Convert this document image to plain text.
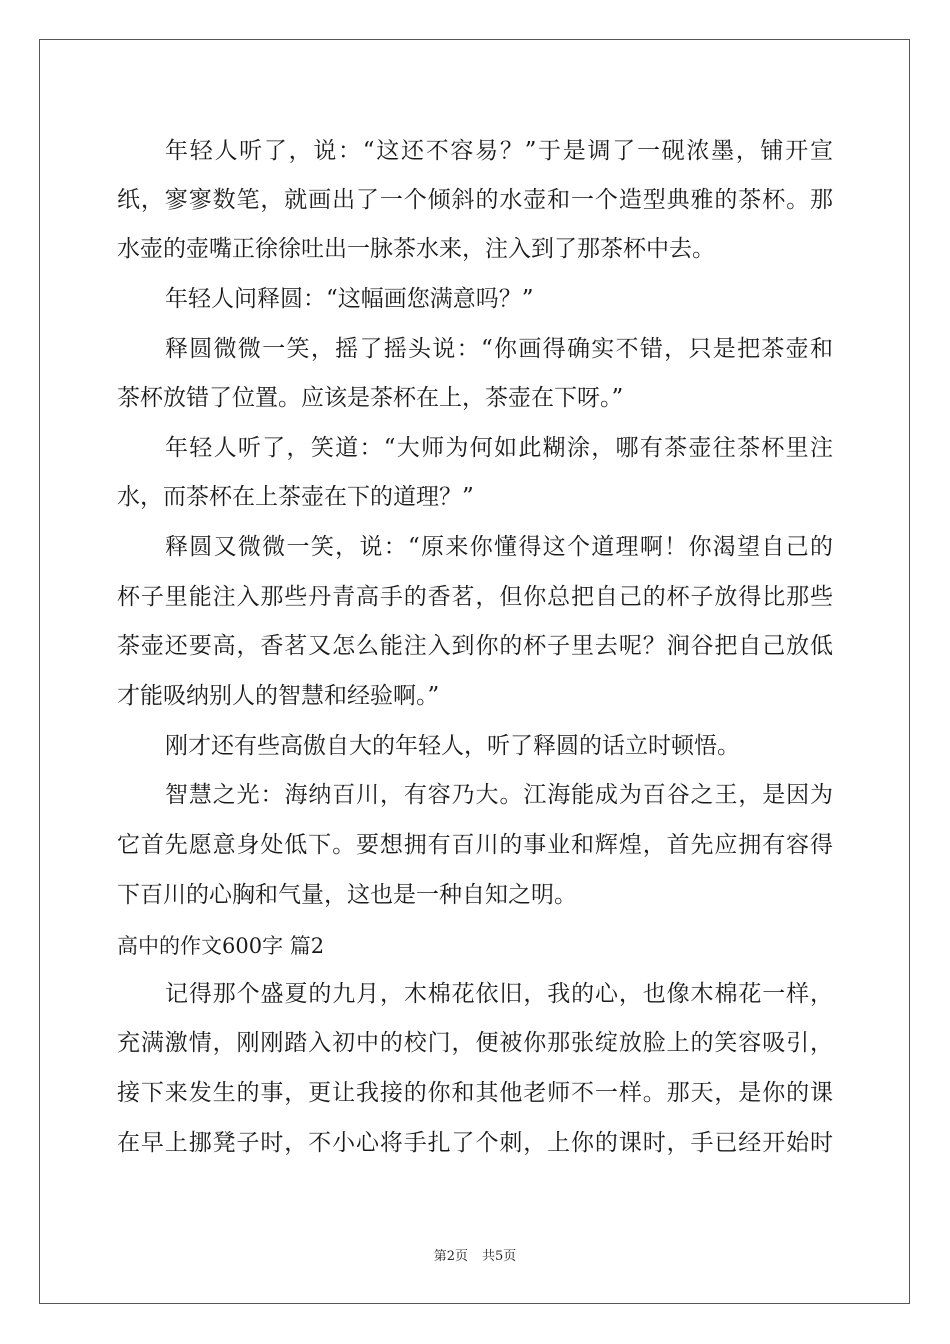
年轻人听了，说：“这还不容易？”于是调了一砚浓墨，铺开宣
纸，寥寥数笔，就画出了一个倾斜的水壶和一个造型典雅的茶杯。那
水壶的壶嘴正徐徐吐出一脉茶水来，注入到了那茶杯中去。
年轻人问释圆：“这幅画您满意吗？”
释圆微微一笑，摇了摇头说：“你画得确实不错，只是把茶壶和
茶杯放错了位置。应该是茶杯在上，茶壶在下呀。”
年轻人听了，笑道：“大师为何如此糊涂，哪有茶壶往茶杯里注
水，而茶杯在上茶壶在下的道理？”
释圆又微微一笑，说：“原来你懂得这个道理啊！你渴望自己的
杯子里能注入那些丹青高手的香茗，但你总把自己的杯子放得比那些
茶壶还要高，香茗又怎么能注入到你的杯子里去呢？涧谷把自己放低
才能吸纳别人的智慧和经验啊。”
刚才还有些高傲自大的年轻人，听了释圆的话立时顿悟。
智慧之光：海纳百川，有容乃大。江海能成为百谷之王，是因为
它首先愿意身处低下。要想拥有百川的事业和辉煌，首先应拥有容得
下百川的心胸和气量，这也是一种自知之明。
高中的作文600字 篇2
记得那个盛夏的九月，木棉花依旧，我的心，也像木棉花一样，
充满激情，刚刚踏入初中的校门，便被你那张绽放脸上的笑容吸引，
接下来发生的事，更让我接的你和其他老师不一样。那天，是你的课
在早上挪凳子时，不小心将手扎了个刺，上你的课时，手已经开始时
第2页 共5页
